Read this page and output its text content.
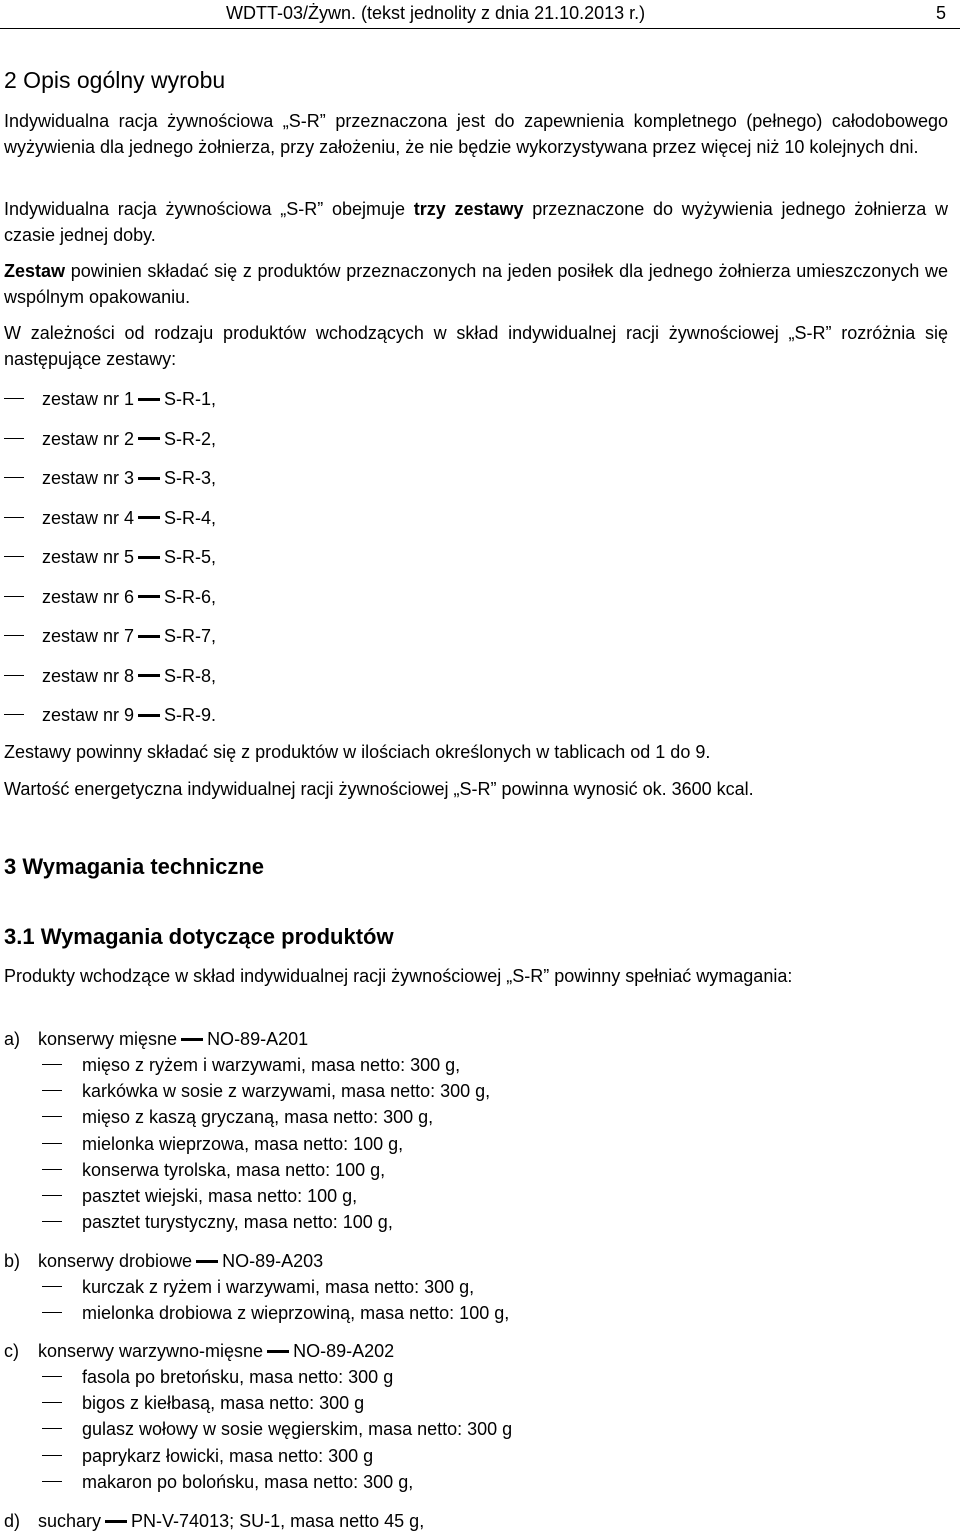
WDTT-03/Żywn. (tekst jednolity z dnia 21.10.2013 r.)	5
2 Opis ogólny wyrobu
Indywidualna racja żywnościowa „S-R” przeznaczona jest do zapewnienia kompletnego (pełnego) całodobowego wyżywienia dla jednego żołnierza, przy założeniu, że nie będzie wykorzystywana przez więcej niż 10 kolejnych dni.
Indywidualna racja żywnościowa „S-R” obejmuje trzy zestawy przeznaczone do wyżywienia jednego żołnierza w czasie jednej doby.
Zestaw powinien składać się z produktów przeznaczonych na jeden posiłek dla jednego żołnierza umieszczonych we wspólnym opakowaniu.
W zależności od rodzaju produktów wchodzących w skład indywidualnej racji żywnościowej „S-R” rozróżnia się następujące zestawy:
zestaw nr 1 S-R-1,
zestaw nr 2 S-R-2,
zestaw nr 3 S-R-3,
zestaw nr 4 S-R-4,
zestaw nr 5 S-R-5,
zestaw nr 6 S-R-6,
zestaw nr 7 S-R-7,
zestaw nr 8 S-R-8,
zestaw nr 9 S-R-9.
Zestawy powinny składać się z produktów w ilościach określonych w tablicach od 1 do 9.
Wartość energetyczna indywidualnej racji żywnościowej „S-R” powinna wynosić ok. 3600 kcal.
3 Wymagania techniczne
3.1 Wymagania dotyczące produktów
Produkty wchodzące w skład indywidualnej racji żywnościowej „S-R” powinny spełniać wymagania:
a) konserwy mięsne NO-89-A201
mięso z ryżem i warzywami, masa netto: 300 g,
karkówka w sosie z warzywami, masa netto: 300 g,
mięso z kaszą gryczaną, masa netto: 300 g,
mielonka wieprzowa, masa netto: 100 g,
konserwa tyrolska, masa netto: 100 g,
pasztet wiejski, masa netto: 100 g,
pasztet turystyczny, masa netto: 100 g,
b) konserwy drobiowe NO-89-A203
kurczak z ryżem i warzywami, masa netto: 300 g,
mielonka drobiowa z wieprzowiną, masa netto: 100 g,
c) konserwy warzywno-mięsne NO-89-A202
fasola po bretońsku, masa netto: 300 g
bigos z kiełbasą, masa netto: 300 g
gulasz wołowy w sosie węgierskim, masa netto: 300 g
paprykarz łowicki, masa netto: 300 g
makaron po bolońsku, masa netto: 300 g,
d) suchary PN-V-74013; SU-1, masa netto 45 g,
